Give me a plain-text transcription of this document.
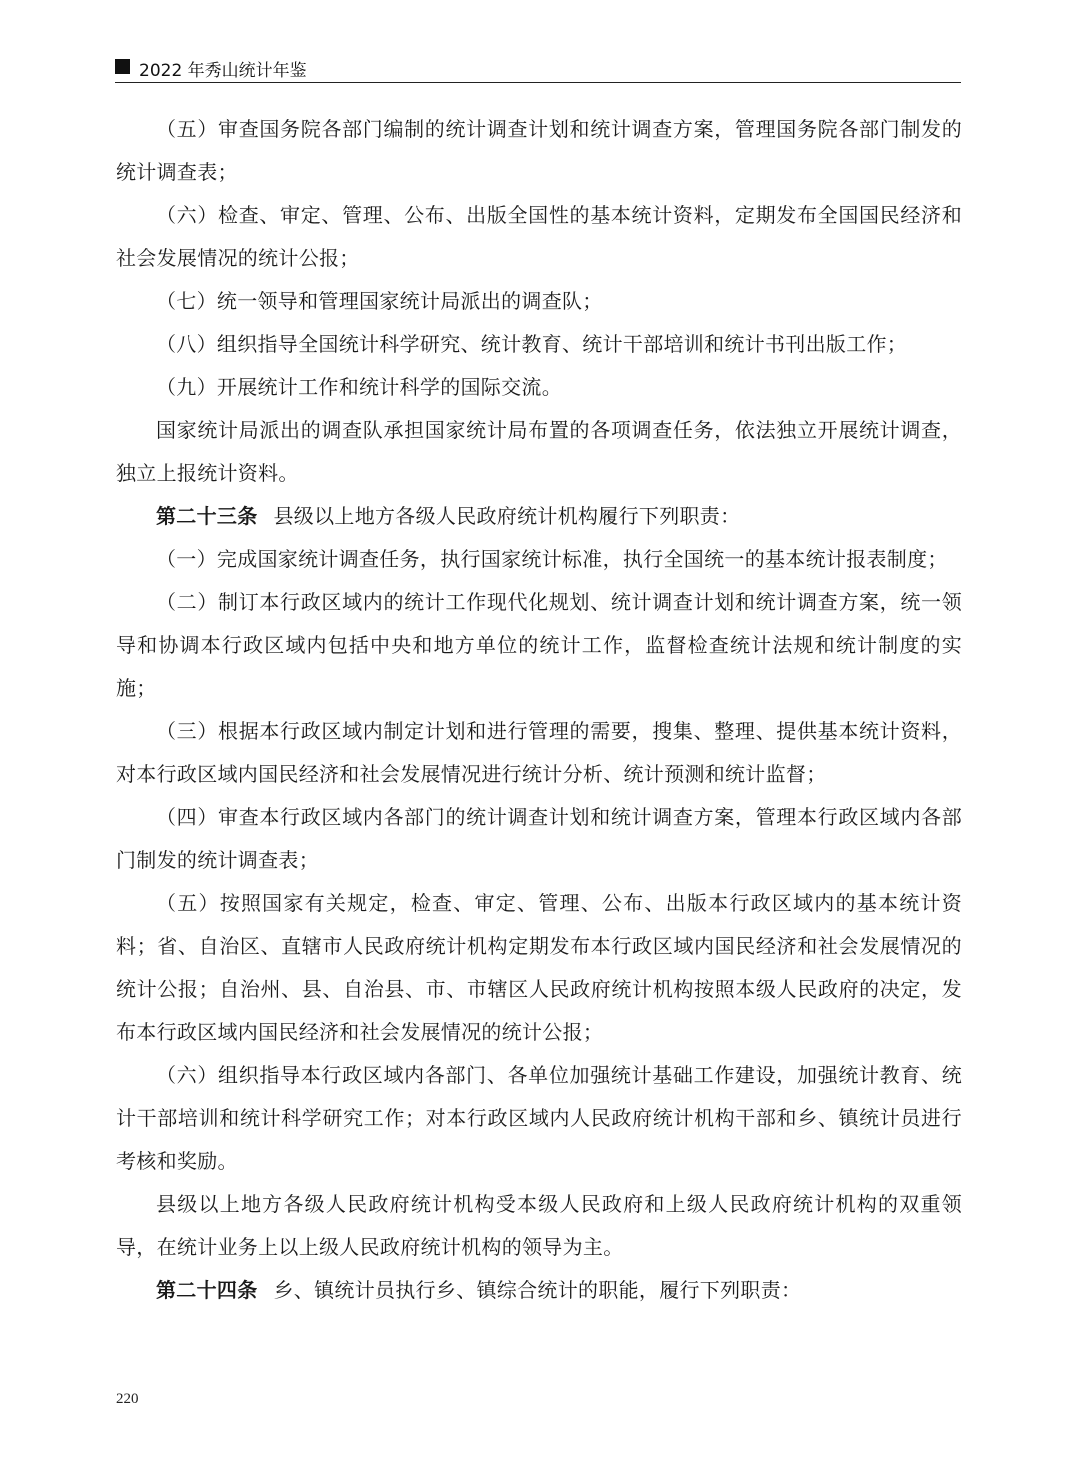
2022 年秀山统计年鉴

（五）审查国务院各部门编制的统计调查计划和统计调查方案，管理国务院各部门制发的统计调查表；

（六）检查、审定、管理、公布、出版全国性的基本统计资料，定期发布全国国民经济和社会发展情况的统计公报；

（七）统一领导和管理国家统计局派出的调查队；

（八）组织指导全国统计科学研究、统计教育、统计干部培训和统计书刊出版工作；

（九）开展统计工作和统计科学的国际交流。

国家统计局派出的调查队承担国家统计局布置的各项调查任务，依法独立开展统计调查，独立上报统计资料。

第二十三条 县级以上地方各级人民政府统计机构履行下列职责：

（一）完成国家统计调查任务，执行国家统计标准，执行全国统一的基本统计报表制度；

（二）制订本行政区域内的统计工作现代化规划、统计调查计划和统计调查方案，统一领导和协调本行政区域内包括中央和地方单位的统计工作，监督检查统计法规和统计制度的实施；

（三）根据本行政区域内制定计划和进行管理的需要，搜集、整理、提供基本统计资料，对本行政区域内国民经济和社会发展情况进行统计分析、统计预测和统计监督；

（四）审查本行政区域内各部门的统计调查计划和统计调查方案，管理本行政区域内各部门制发的统计调查表；

（五）按照国家有关规定，检查、审定、管理、公布、出版本行政区域内的基本统计资料；省、自治区、直辖市人民政府统计机构定期发布本行政区域内国民经济和社会发展情况的统计公报；自治州、县、自治县、市、市辖区人民政府统计机构按照本级人民政府的决定，发布本行政区域内国民经济和社会发展情况的统计公报；

（六）组织指导本行政区域内各部门、各单位加强统计基础工作建设，加强统计教育、统计干部培训和统计科学研究工作；对本行政区域内人民政府统计机构干部和乡、镇统计员进行考核和奖励。

县级以上地方各级人民政府统计机构受本级人民政府和上级人民政府统计机构的双重领导，在统计业务上以上级人民政府统计机构的领导为主。

第二十四条 乡、镇统计员执行乡、镇综合统计的职能，履行下列职责：

220
